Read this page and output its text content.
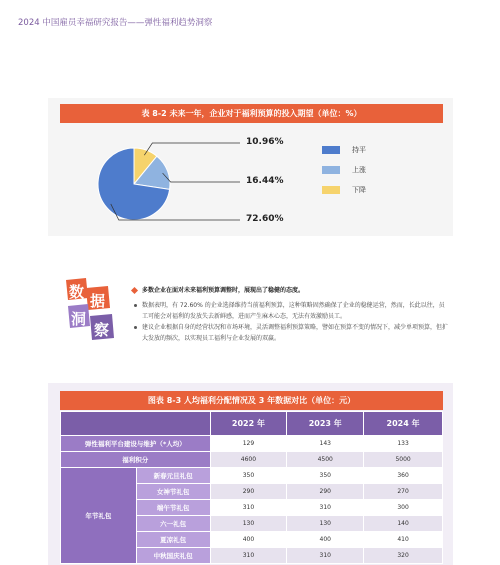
2024 中国雇员幸福研究报告——弹性福利趋势洞察
表 8-2 未来一年，企业对于福利预算的投入期望（单位：%）
72.60%
16.44%
10.96%
持平
上涨
下降
数 据
洞
察
多数企业在面对未来福利预算调整时，展现出了稳健的态度。
数据表明，有 72.60% 的企业选择维持当前福利预算，这种策略固然确保了企业的稳健运营，然而，长此以往，员工可能会对福利的发放失去新鲜感，进而产生麻木心态，无法有效激励员工。
建议企业根据自身的经营状况和市场环境，灵活调整福利预算策略，譬如在预算不变的情况下，减少单项预算，但扩大发放的频次，以实现员工福利与企业发展的双赢。
图表 8-3 人均福利分配情况及 3 年数据对比（单位：元）
		2022 年	2023 年	2024 年
弹性福利平台建设与维护（*人均）		129	143	133
福利积分		4600	4500	5000
年节礼包	新春元旦礼包	350	350	360
	女神节礼包	290	290	270
	端午节礼包	310	310	300
	六一礼包	130	130	140
	夏凉礼包	400	400	410
	中秋国庆礼包	310	310	320
